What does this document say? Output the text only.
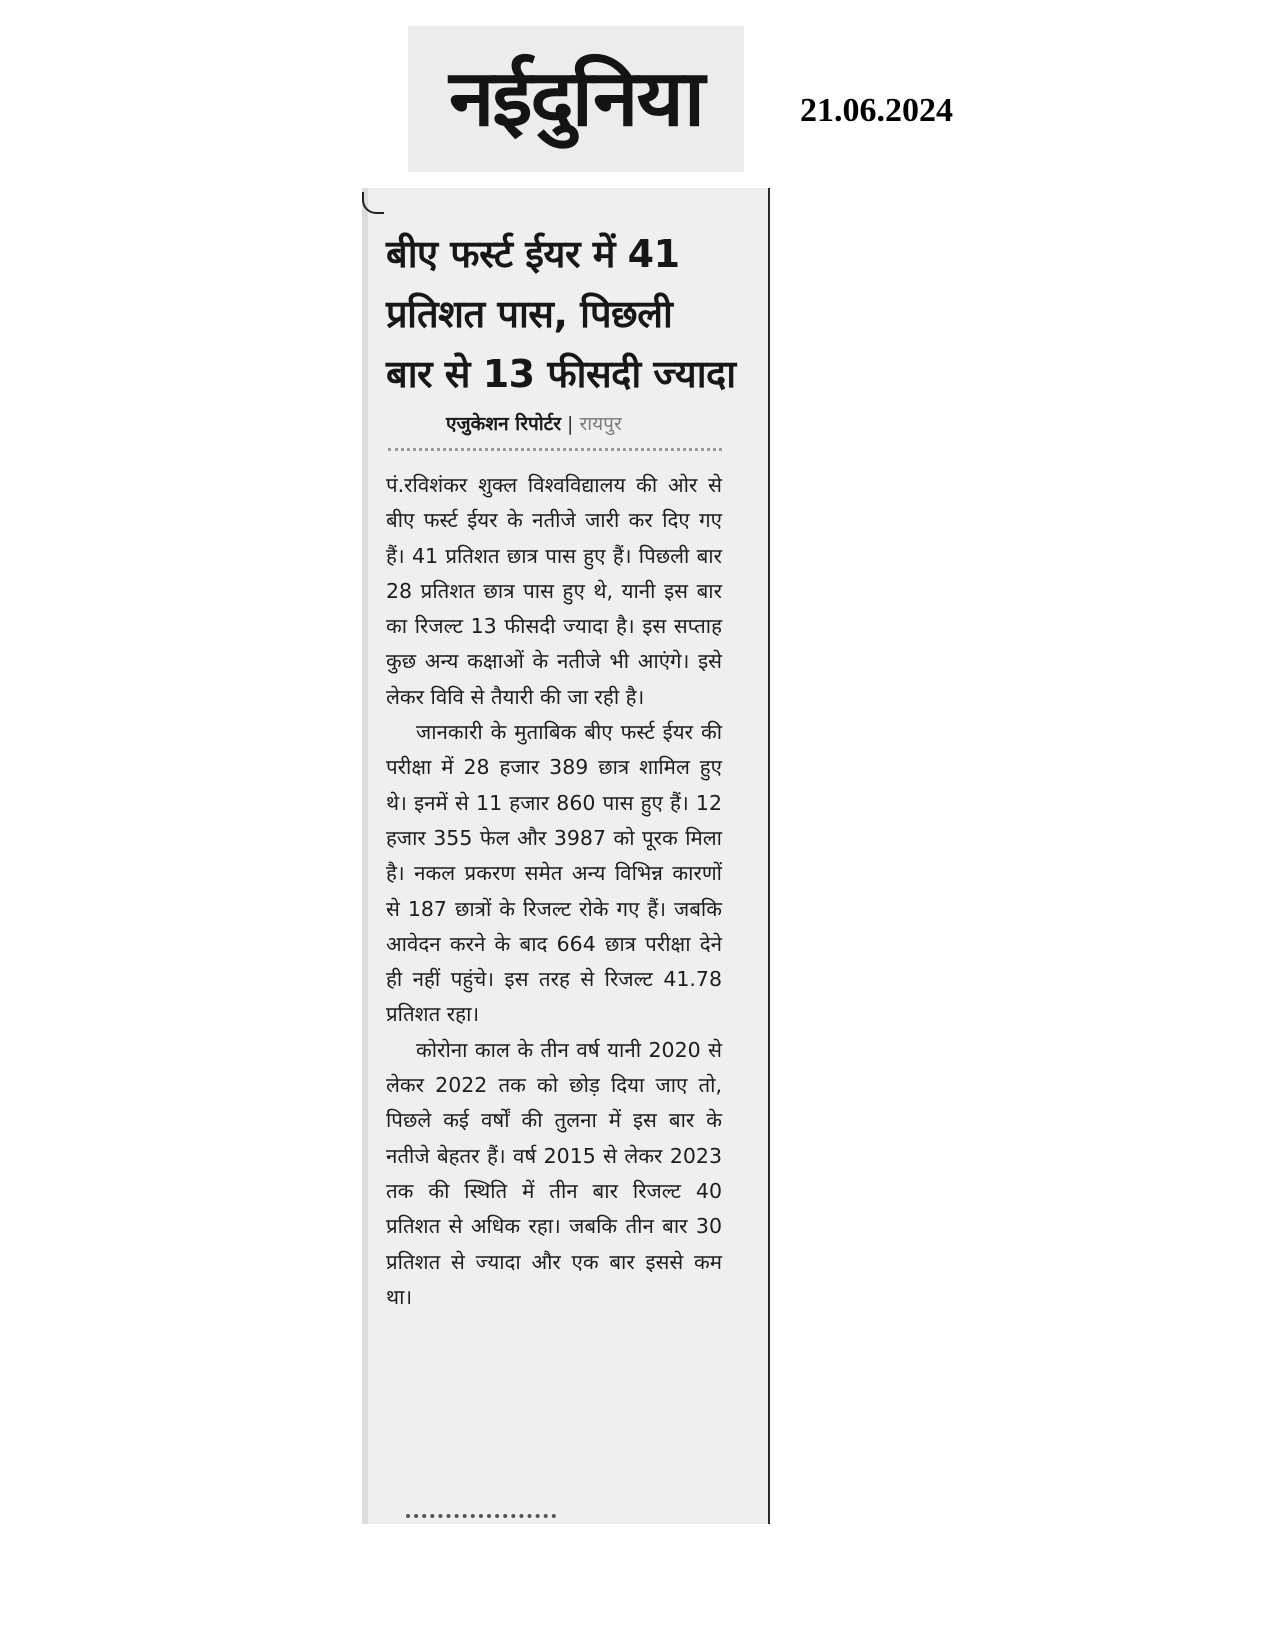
नईदुनिया	21.06.2024
बीए फर्स्ट ईयर में 41
प्रतिशत पास, पिछली
बार से 13 फीसदी ज्यादा
एजुकेशन रिपोर्टर | रायपुर

पं.रविशंकर शुक्ल विश्वविद्यालय की ओर से बीए फर्स्ट ईयर के नतीजे जारी कर दिए गए हैं। 41 प्रतिशत छात्र पास हुए हैं। पिछली बार 28 प्रतिशत छात्र पास हुए थे, यानी इस बार का रिजल्ट 13 फीसदी ज्यादा है। इस सप्ताह कुछ अन्य कक्षाओं के नतीजे भी आएंगे। इसे लेकर विवि से तैयारी की जा रही है।

जानकारी के मुताबिक बीए फर्स्ट ईयर की परीक्षा में 28 हजार 389 छात्र शामिल हुए थे। इनमें से 11 हजार 860 पास हुए हैं। 12 हजार 355 फेल और 3987 को पूरक मिला है। नकल प्रकरण समेत अन्य विभिन्न कारणों से 187 छात्रों के रिजल्ट रोके गए हैं। जबकि आवेदन करने के बाद 664 छात्र परीक्षा देने ही नहीं पहुंचे। इस तरह से रिजल्ट 41.78 प्रतिशत रहा।

कोरोना काल के तीन वर्ष यानी 2020 से लेकर 2022 तक को छोड़ दिया जाए तो, पिछले कई वर्षों की तुलना में इस बार के नतीजे बेहतर हैं। वर्ष 2015 से लेकर 2023 तक की स्थिति में तीन बार रिजल्ट 40 प्रतिशत से अधिक रहा। जबकि तीन बार 30 प्रतिशत से ज्यादा और एक बार इससे कम था।
